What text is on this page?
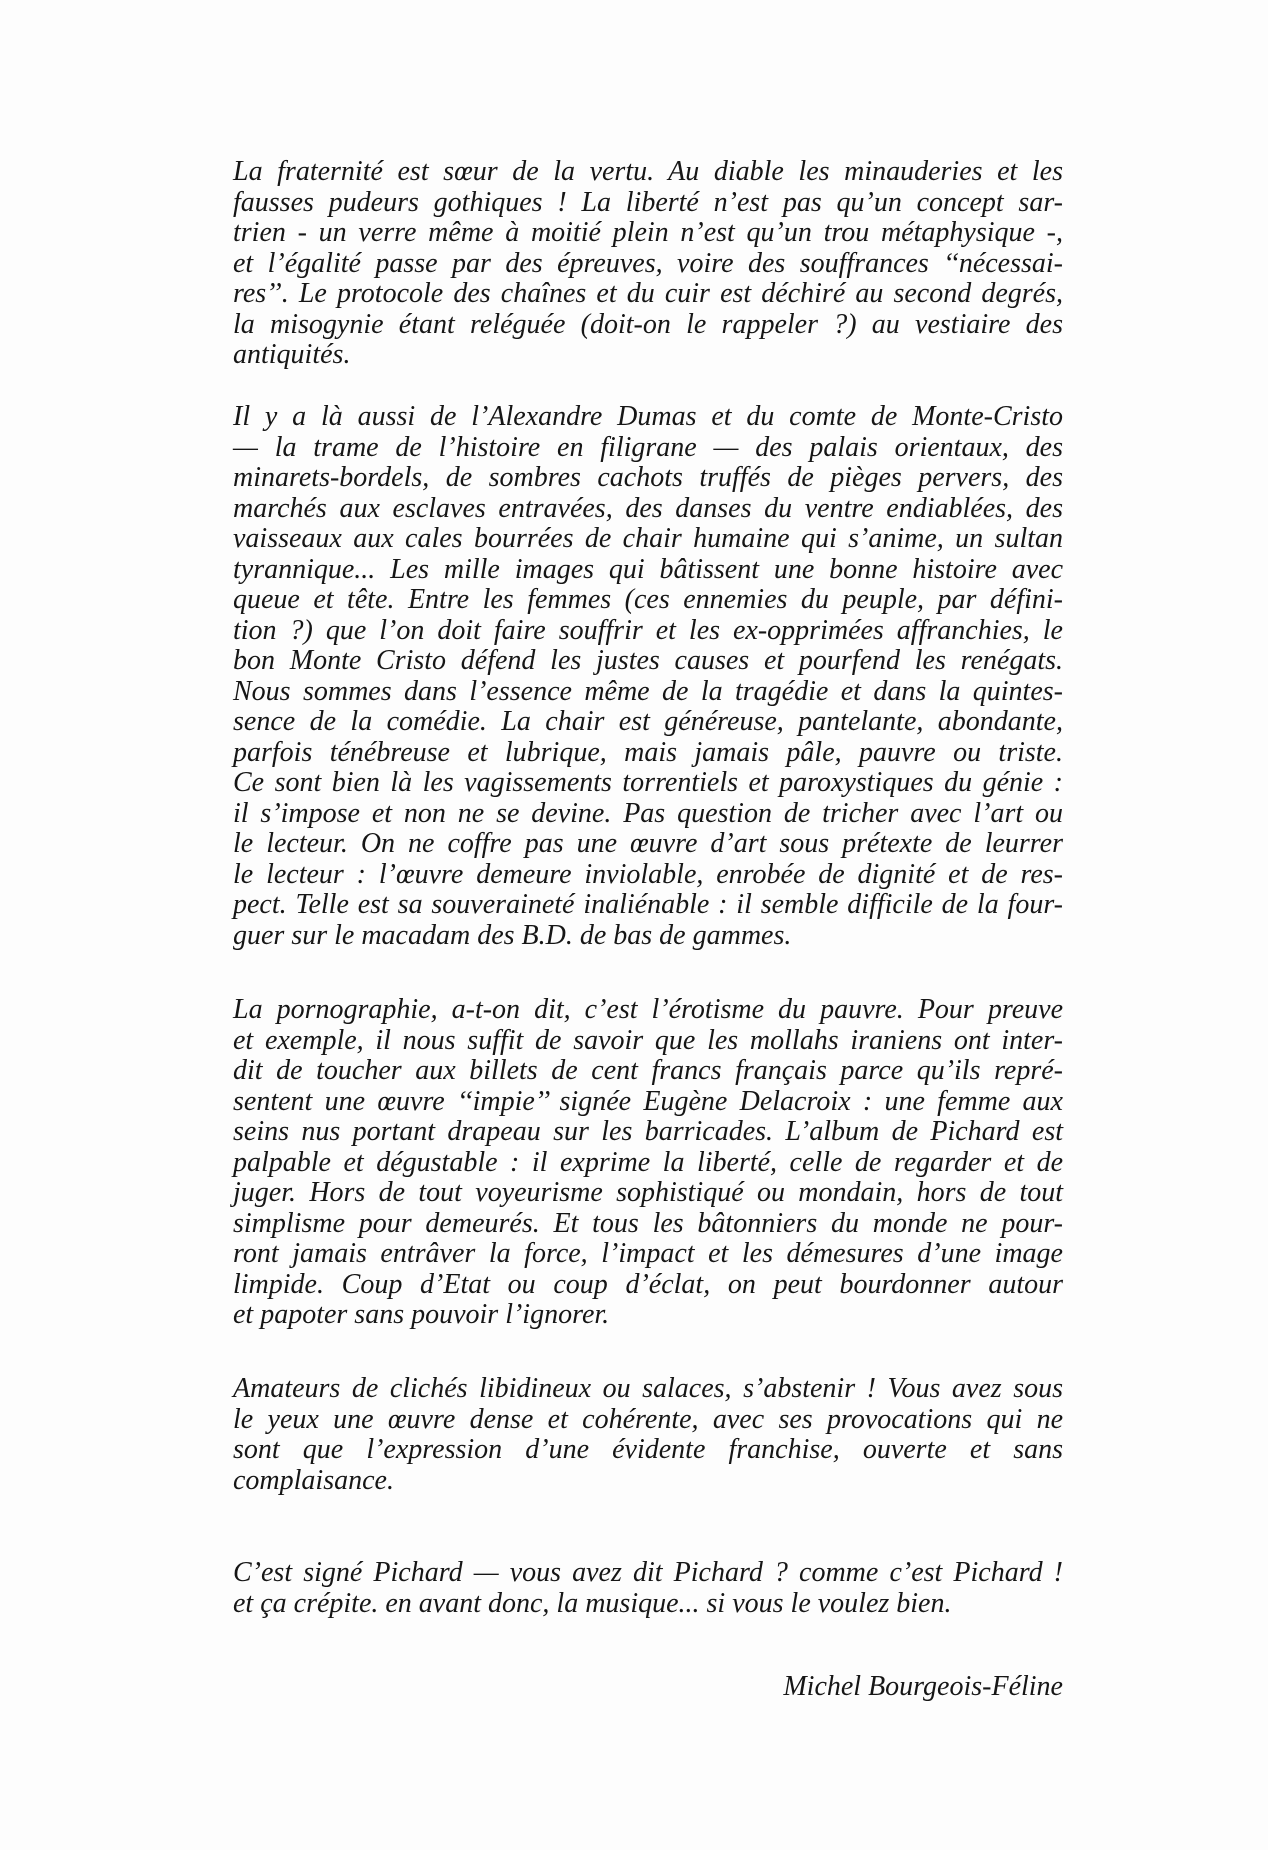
La fraternité est sœur de la vertu. Au diable les minauderies et les
fausses pudeurs gothiques ! La liberté n’est pas qu’un concept sar-
trien - un verre même à moitié plein n’est qu’un trou métaphysique -,
et l’égalité passe par des épreuves, voire des souffrances ‘‘nécessai-
res’’. Le protocole des chaînes et du cuir est déchiré au second degrés,
la misogynie étant reléguée (doit-on le rappeler ?) au vestiaire des
antiquités.
Il y a là aussi de l’Alexandre Dumas et du comte de Monte-Cristo
— la trame de l’histoire en filigrane — des palais orientaux, des
minarets-bordels, de sombres cachots truffés de pièges pervers, des
marchés aux esclaves entravées, des danses du ventre endiablées, des
vaisseaux aux cales bourrées de chair humaine qui s’anime, un sultan
tyrannique... Les mille images qui bâtissent une bonne histoire avec
queue et tête. Entre les femmes (ces ennemies du peuple, par défini-
tion ?) que l’on doit faire souffrir et les ex-opprimées affranchies, le
bon Monte Cristo défend les justes causes et pourfend les renégats.
Nous sommes dans l’essence même de la tragédie et dans la quintes-
sence de la comédie. La chair est généreuse, pantelante, abondante,
parfois ténébreuse et lubrique, mais jamais pâle, pauvre ou triste.
Ce sont bien là les vagissements torrentiels et paroxystiques du génie :
il s’impose et non ne se devine. Pas question de tricher avec l’art ou
le lecteur. On ne coffre pas une œuvre d’art sous prétexte de leurrer
le lecteur : l’œuvre demeure inviolable, enrobée de dignité et de res-
pect. Telle est sa souveraineté inaliénable : il semble difficile de la four-
guer sur le macadam des B.D. de bas de gammes.
La pornographie, a-t-on dit, c’est l’érotisme du pauvre. Pour preuve
et exemple, il nous suffit de savoir que les mollahs iraniens ont inter-
dit de toucher aux billets de cent francs français parce qu’ils repré-
sentent une œuvre ‘‘impie’’ signée Eugène Delacroix : une femme aux
seins nus portant drapeau sur les barricades. L’album de Pichard est
palpable et dégustable : il exprime la liberté, celle de regarder et de
juger. Hors de tout voyeurisme sophistiqué ou mondain, hors de tout
simplisme pour demeurés. Et tous les bâtonniers du monde ne pour-
ront jamais entrâver la force, l’impact et les démesures d’une image
limpide. Coup d’Etat ou coup d’éclat, on peut bourdonner autour
et papoter sans pouvoir l’ignorer.
Amateurs de clichés libidineux ou salaces, s’abstenir ! Vous avez sous
le yeux une œuvre dense et cohérente, avec ses provocations qui ne
sont que l’expression d’une évidente franchise, ouverte et sans
complaisance.
C’est signé Pichard — vous avez dit Pichard ? comme c’est Pichard !
et ça crépite. en avant donc, la musique... si vous le voulez bien.
Michel Bourgeois-Féline
